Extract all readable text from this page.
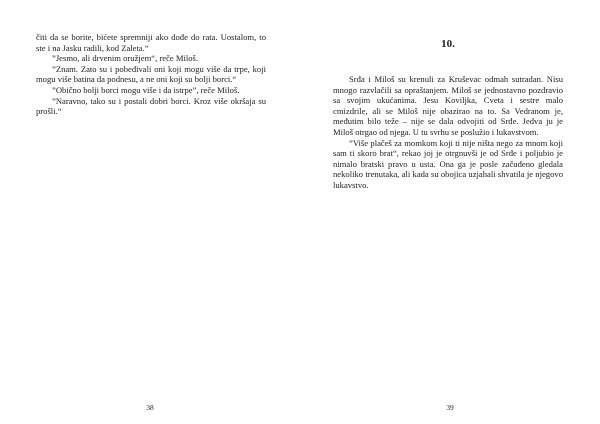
čiti da se borite, bićete spremniji ako dođe do rata. Uostalom, to ste i na Jasku radili, kod Zaleta.“

”Jesmo, ali drvenim oružjem“, reče Miloš.

”Znam. Zato su i pobeđivali oni koji mogu više da trpe, koji mogu više batina da podnesu, a ne oni koji su bolji borci.“

”Obično bolji borci mogu više i da istrpe”, reče Miloš.

”Naravno, tako su i postali dobri borci. Kroz više okršaja su prošli.“

38
10.

Srđa i Miloš su krenuli za Kruševac odmah sutradan. Nisu mnogo razvlačili sa opraštanjem. Miloš se jednostavno pozdravio sa svojim ukućanima. Jesu Koviljka, Cveta i sestre malo cmizdrile, ali se Miloš nije obazirao na to. Sa Vedranom je, međutim bilo teže – nije se dala odvojiti od Srđe. Jedva ju je Miloš otrgao od njega. U tu svrhu se poslužio i lukavstvom.

”Više plačeš za momkom koji ti nije ništa nego za mnom koji sam ti skoro brat“, rekao joj je otrgnuvši je od Srđe i poljubio je nimalo bratski pravo u usta. Ona ga je posle začuđeno gledala nekoliko trenutaka, ali kada su obojica uzjahali shvatila je njegovo lukavstvo.

39
